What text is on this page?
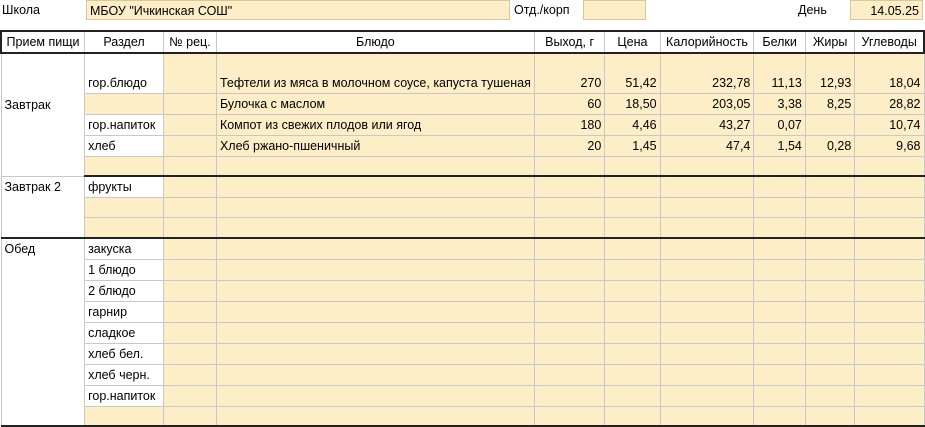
Школа	МБОУ "Ичкинская СОШ"	Отд./корп	День	14.05.25
Прием пищи	Раздел	№ рец.	Блюдо	Выход, г	Цена	Калорийность	Белки	Жиры	Углеводы
Завтрак	гор.блюдо		Тефтели из мяса в молочном соусе, капуста тушеная	270	51,42	232,78	11,13	12,93	18,04
			Булочка с маслом	60	18,50	203,05	3,38	8,25	28,82
	гор.напиток		Компот из свежих плодов или ягод	180	4,46	43,27	0,07		10,74
	хлеб		Хлеб ржано-пшеничный	20	1,45	47,4	1,54	0,28	9,68

Завтрак 2	фрукты								

Обед	закуска								
	1 блюдо								
	2 блюдо								
	гарнир								
	сладкое								
	хлеб бел.								
	хлеб черн.								
	гор.напиток								
